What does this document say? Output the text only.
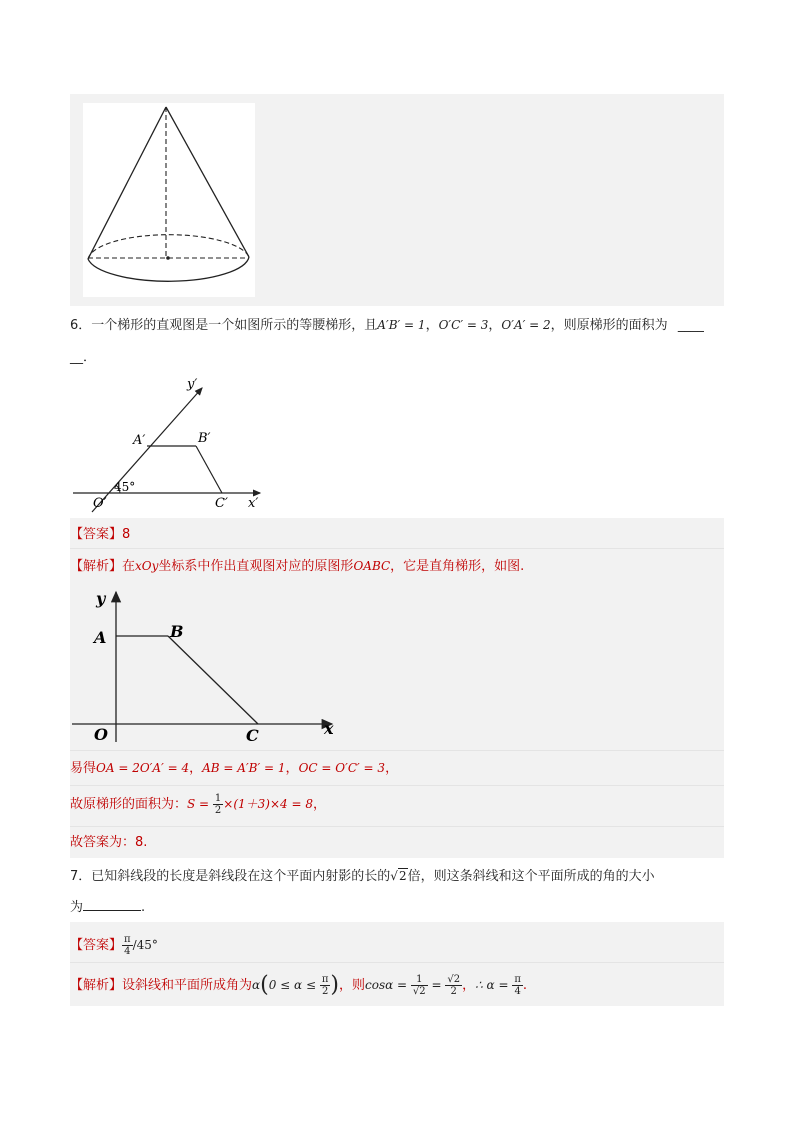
6．一个梯形的直观图是一个如图所示的等腰梯形，且A′B′ = 1，O′C′ = 3，O′A′ = 2，则原梯形的面积为 ____
__．
y′
A′	B′
45°
O′	C′ x′
【答案】8
【解析】在xOy坐标系中作出直观图对应的原图形OABC，它是直角梯形，如图.
y
A	B
O	C	x
易得OA = 2O′A′ = 4，AB = A′B′ = 1，OC = O′C′ = 3，
故原梯形的面积为：$S = \frac{1}{2} \times(1+3)\times 4 = 8$，
故答案为：8.
7．已知斜线段的长度是斜线段在这个平面内射影的长的√2倍，则这条斜线和这个平面所成的角的大小
为	.
【答案】 $\frac{\pi}{4} /45^\circ$
【解析】设斜线和平面所成角为$\alpha(0 \le \alpha \le \frac{\pi}{2}$ )，则$\cos\alpha = \frac{1}{√2} = \frac{√2}{2}$ ，∴ $\alpha = \frac{\pi}{4}$ .
